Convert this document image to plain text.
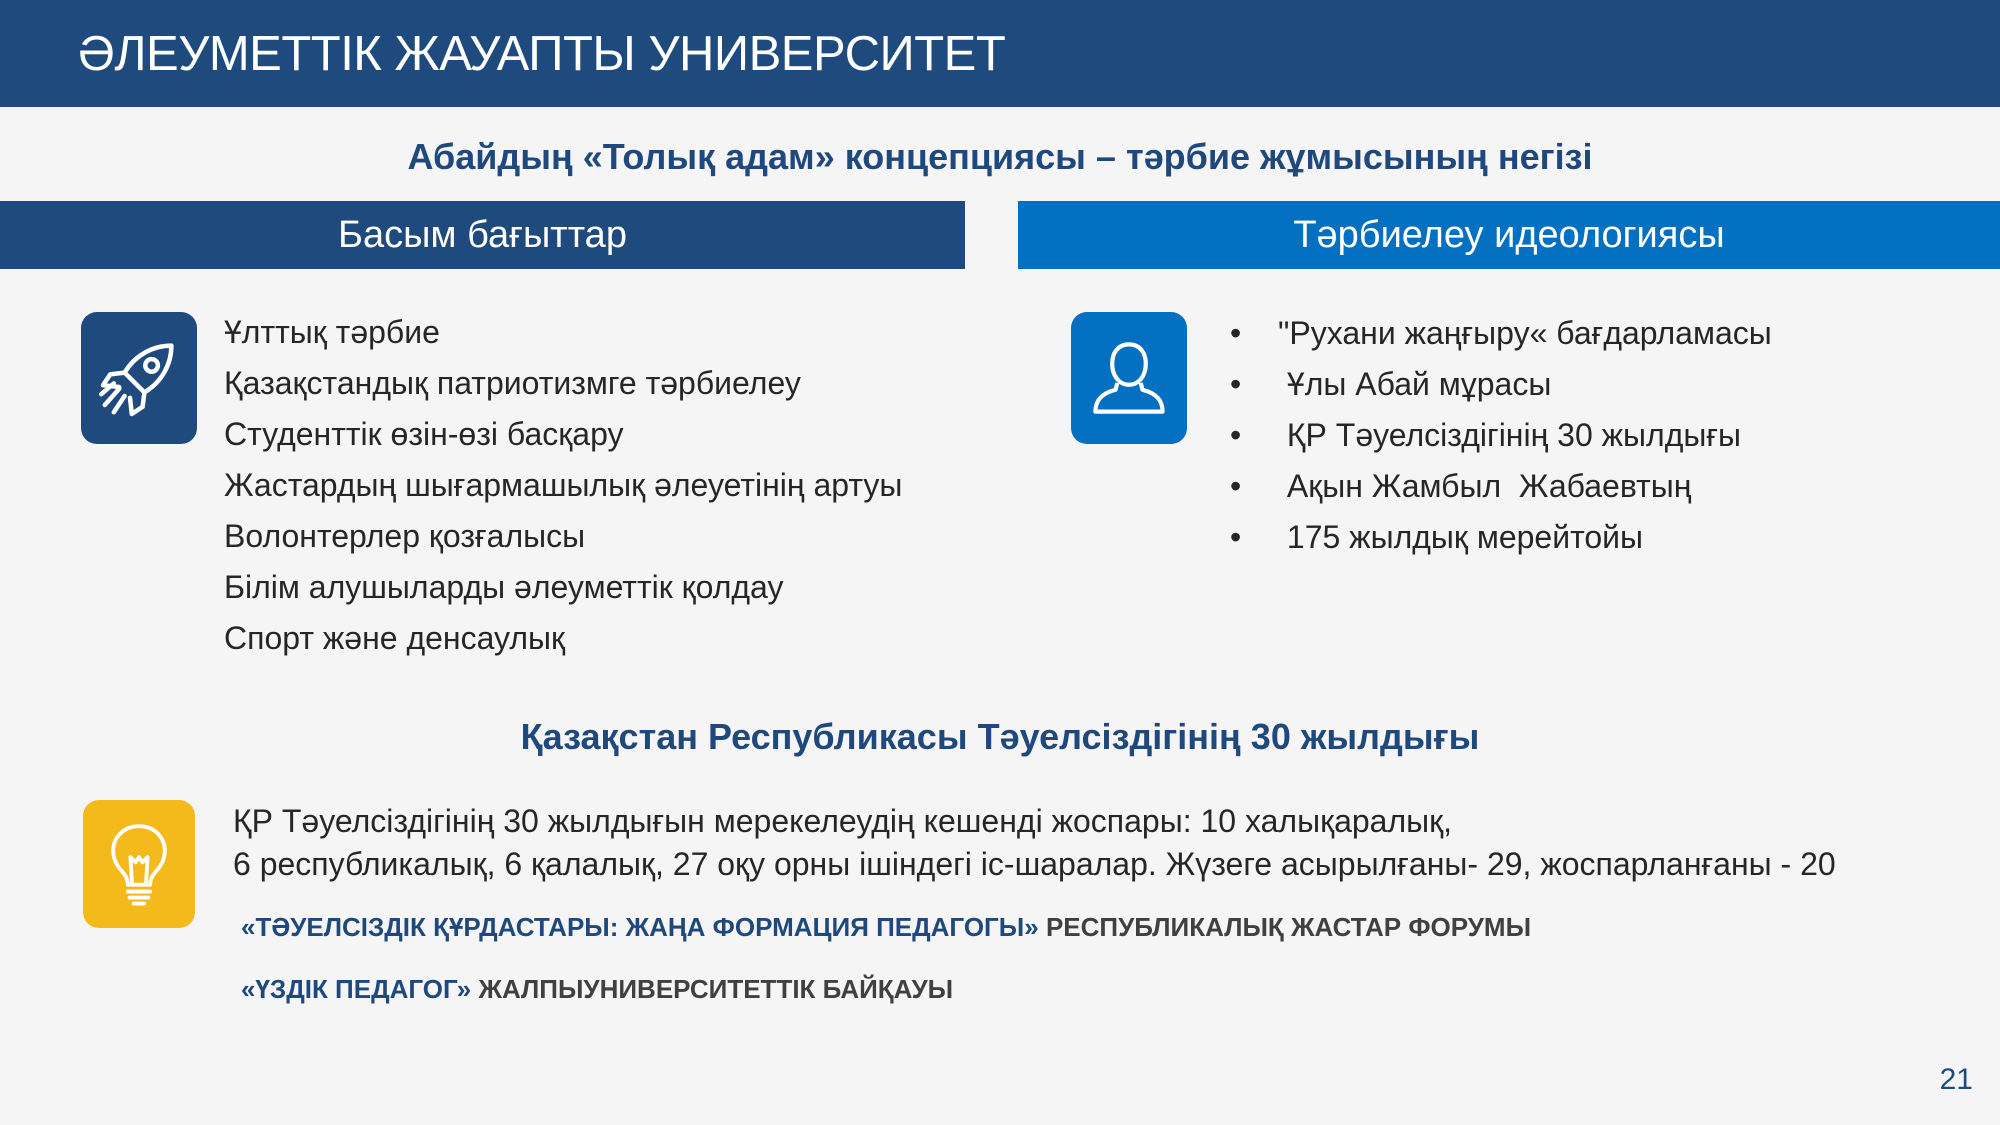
ӘЛЕУМЕТТІК ЖАУАПТЫ УНИВЕРСИТЕТ
Абайдың «Толық адам» концепциясы – тәрбие жұмысының негізі
Басым бағыттар	Тәрбиелеу идеологиясы
Ұлттық тәрбие
Қазақстандық патриотизмге тәрбиелеу
Студенттік өзін-өзі басқару
Жастардың шығармашылық әлеуетінің артуы
Волонтерлер қозғалысы
Білім алушыларды әлеуметтік қолдау
Спорт және денсаулық
• "Рухани жаңғыру« бағдарламасы
• Ұлы Абай мұрасы
• ҚР Тәуелсіздігінің 30 жылдығы
• Ақын Жамбыл  Жабаевтың
• 175 жылдық мерейтойы
Қазақстан Республикасы Тәуелсіздігінің 30 жылдығы
ҚР Тәуелсіздігінің 30 жылдығын мерекелеудің кешенді жоспары: 10 халықаралық,
6 республикалық, 6 қалалық, 27 оқу орны ішіндегі іс-шаралар. Жүзеге асырылғаны- 29, жоспарланғаны - 20
«ТӘУЕЛСІЗДІК ҚҰРДАСТАРЫ: ЖАҢА ФОРМАЦИЯ ПЕДАГОГЫ» РЕСПУБЛИКАЛЫҚ ЖАСТАР ФОРУМЫ
«ҮЗДІК ПЕДАГОГ» ЖАЛПЫУНИВЕРСИТЕТТІК БАЙҚАУЫ
21
